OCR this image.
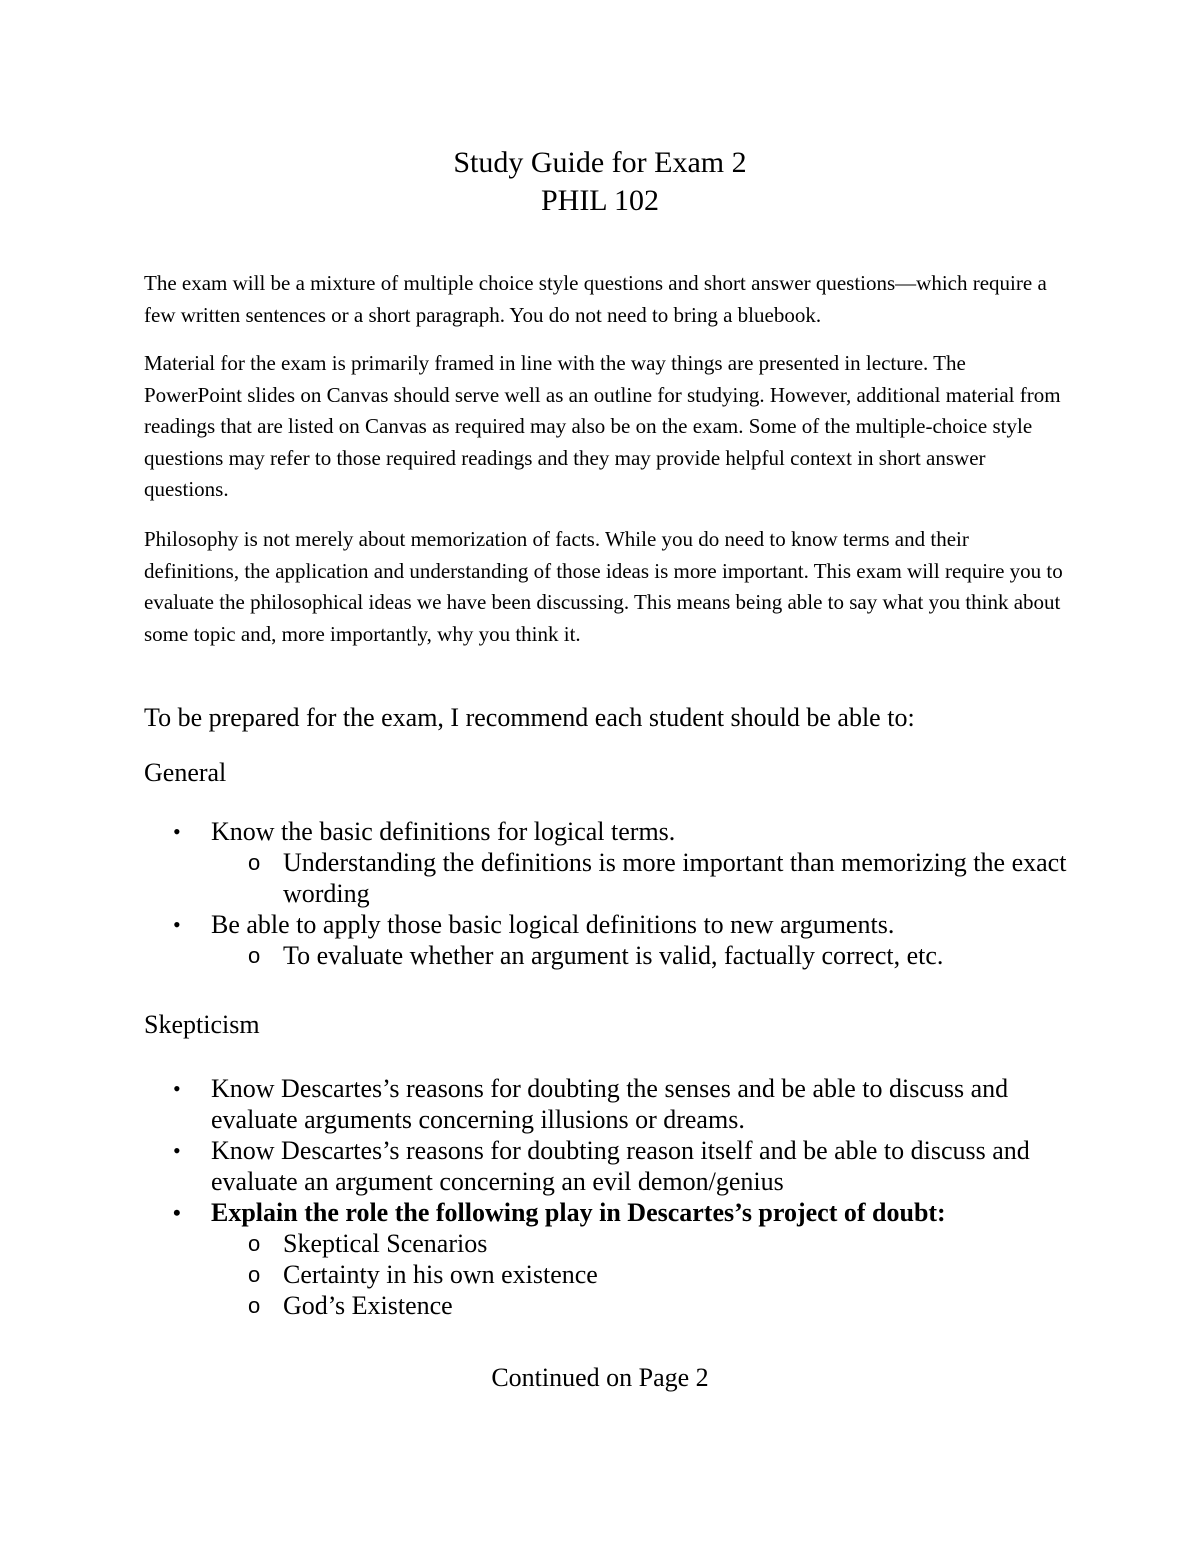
Study Guide for Exam 2
PHIL 102

The exam will be a mixture of multiple choice style questions and short answer questions—which require a few written sentences or a short paragraph. You do not need to bring a bluebook.

Material for the exam is primarily framed in line with the way things are presented in lecture. The PowerPoint slides on Canvas should serve well as an outline for studying. However, additional material from readings that are listed on Canvas as required may also be on the exam. Some of the multiple-choice style questions may refer to those required readings and they may provide helpful context in short answer questions.

Philosophy is not merely about memorization of facts. While you do need to know terms and their definitions, the application and understanding of those ideas is more important. This exam will require you to evaluate the philosophical ideas we have been discussing. This means being able to say what you think about some topic and, more importantly, why you think it.

To be prepared for the exam, I recommend each student should be able to:
General
• Know the basic definitions for logical terms.
o Understanding the definitions is more important than memorizing the exact wording
• Be able to apply those basic logical definitions to new arguments.
o To evaluate whether an argument is valid, factually correct, etc.
Skepticism
• Know Descartes’s reasons for doubting the senses and be able to discuss and evaluate arguments concerning illusions or dreams.
• Know Descartes’s reasons for doubting reason itself and be able to discuss and evaluate an argument concerning an evil demon/genius
• Explain the role the following play in Descartes’s project of doubt:
o Skeptical Scenarios
o Certainty in his own existence
o God’s Existence
Continued on Page 2
